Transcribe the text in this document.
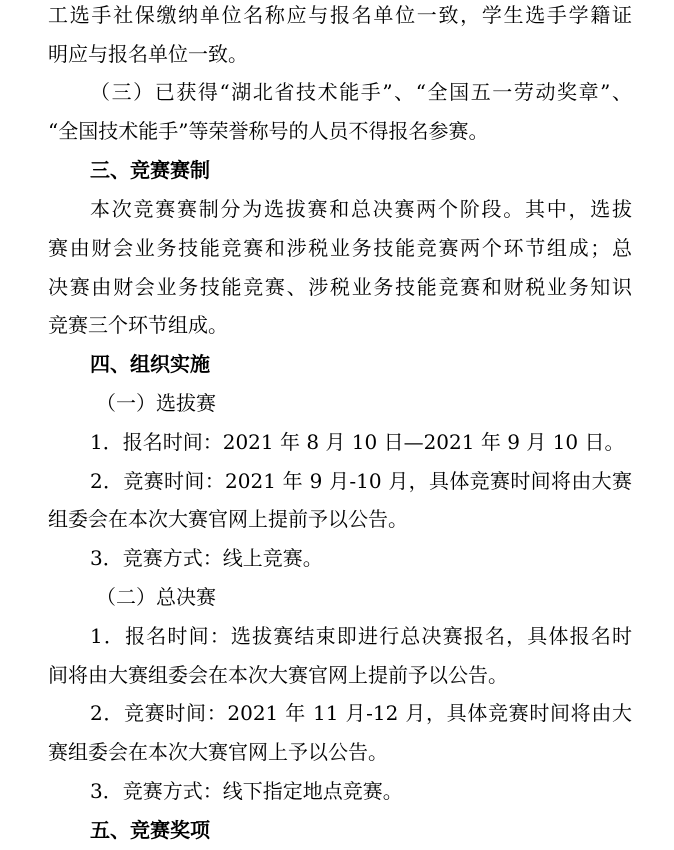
工选手社保缴纳单位名称应与报名单位一致，学生选手学籍证
明应与报名单位一致。
（三）已获得“湖北省技术能手”、“全国五一劳动奖章”、
“全国技术能手”等荣誉称号的人员不得报名参赛。
三、竞赛赛制
本次竞赛赛制分为选拔赛和总决赛两个阶段。其中，选拔
赛由财会业务技能竞赛和涉税业务技能竞赛两个环节组成；总
决赛由财会业务技能竞赛、涉税业务技能竞赛和财税业务知识
竞赛三个环节组成。
四、组织实施
（一）选拔赛
1．报名时间：2021 年 8 月 10 日—2021 年 9 月 10 日。
2．竞赛时间：2021 年 9 月-10 月，具体竞赛时间将由大赛
组委会在本次大赛官网上提前予以公告。
3．竞赛方式：线上竞赛。
（二）总决赛
1．报名时间：选拔赛结束即进行总决赛报名，具体报名时
间将由大赛组委会在本次大赛官网上提前予以公告。
2．竞赛时间：2021 年 11 月-12 月，具体竞赛时间将由大
赛组委会在本次大赛官网上予以公告。
3．竞赛方式：线下指定地点竞赛。
五、竞赛奖项
